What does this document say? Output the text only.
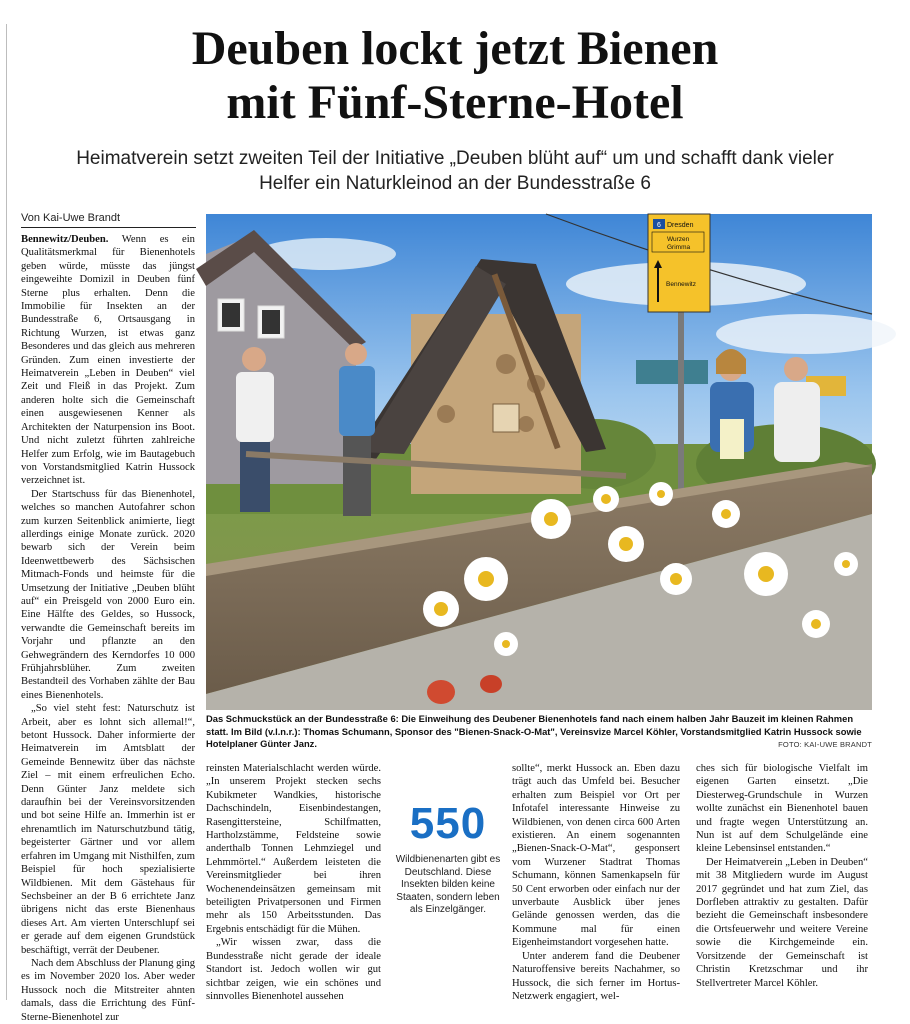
Deuben lockt jetzt Bienen
mit Fünf-Sterne-Hotel
Heimatverein setzt zweiten Teil der Initiative „Deuben blüht auf“ um und schafft dank vieler
Helfer ein Naturkleinod an der Bundesstraße 6
Von Kai-Uwe Brandt

Bennewitz/Deuben. Wenn es ein Qualitätsmerkmal für Bienenhotels geben würde, müsste das jüngst eingeweihte Domizil in Deuben fünf Sterne plus erhalten. Denn die Immobilie für Insekten an der Bundesstraße 6, Ortsausgang in Richtung Wurzen, ist etwas ganz Besonderes und das gleich aus mehreren Gründen. Zum einen investierte der Heimatverein „Leben in Deuben“ viel Zeit und Fleiß in das Projekt. Zum anderen holte sich die Gemeinschaft einen ausgewiesenen Kenner als Architekten der Naturpension ins Boot. Und nicht zuletzt führten zahlreiche Helfer zum Erfolg, wie im Bautagebuch von Vorstandsmitglied Katrin Hussock verzeichnet ist.

Der Startschuss für das Bienenhotel, welches so manchen Autofahrer schon zum kurzen Seitenblick animierte, liegt allerdings einige Monate zurück. 2020 bewarb sich der Verein beim Ideenwettbewerb des Sächsischen Mitmach-Fonds und heimste für die Umsetzung der Initiative „Deuben blüht auf“ ein Preisgeld von 2000 Euro ein. Eine Hälfte des Geldes, so Hussock, verwandte die Gemeinschaft bereits im Vorjahr und pflanzte an den Gehwegrändern des Kerndorfes 10 000 Frühjahrsblüher. Zum zweiten Bestandteil des Vorhaben zählte der Bau eines Bienenhotels.

„So viel steht fest: Naturschutz ist Arbeit, aber es lohnt sich allemal!“, betont Hussock. Daher informierte der Heimatverein im Amtsblatt der Gemeinde Bennewitz über das nächste Ziel – mit einem erfreulichen Echo. Denn Günter Janz meldete sich daraufhin bei der Vereinsvorsitzenden und bot seine Hilfe an. Immerhin ist er ehrenamtlich im Naturschutzbund tätig, begeisterter Gärtner und vor allem erfahren im Umgang mit Nisthilfen, zum Beispiel für hoch spezialisierte Wildbienen. Mit dem Gästehaus für Sechsbeiner an der B 6 errichtete Janz übrigens nicht das erste Bienenhaus dieses Art. Am vierten Unterschlupf sei er gerade auf dem eigenen Grundstück beschäftigt, verrät der Deubener.

Nach dem Abschluss der Planung ging es im November 2020 los. Aber weder Hussock noch die Mitstreiter ahnten damals, dass die Errichtung des Fünf-Sterne-Bienenhotel zur

6 Dresden
Wurzen
Grimma
Bennewitz
Das Schmuckstück an der Bundesstraße 6: Die Einweihung des Deubener Bienenhotels fand nach einem halben Jahr Bauzeit im kleinen Rahmen statt. Im Bild (v.l.n.r.): Thomas Schumann, Sponsor des "Bienen-Snack-O-Mat", Vereinsvize Marcel Köhler, Vorstandsmitglied Katrin Hussock sowie Hotelplaner Günter Janz.	FOTO: KAI-UWE BRANDT

reinsten Materialschlacht werden würde. „In unserem Projekt stecken sechs Kubikmeter Wandkies, historische Dachschindeln, Eisenbindestangen, Rasengittersteine, Schilfmatten, Hartholzstämme, Feldsteine sowie anderthalb Tonnen Lehmziegel und Lehmmörtel.“ Außerdem leisteten die Vereinsmitglieder bei ihren Wochenendeinsätzen gemeinsam mit beteiligten Privatpersonen und Firmen mehr als 150 Arbeitsstunden. Das Ergebnis entschädigt für die Mühen.

„Wir wissen zwar, dass die Bundesstraße nicht gerade der ideale Standort ist. Jedoch wollen wir gut sichtbar zeigen, wie ein schönes und sinnvolles Bienenhotel aussehen

550
Wildbienenarten gibt es Deutschland. Diese Insekten bilden keine Staaten, sondern leben als Einzelgänger.

sollte“, merkt Hussock an. Eben dazu trägt auch das Umfeld bei. Besucher erhalten zum Beispiel vor Ort per Infotafel interessante Hinweise zu Wildbienen, von denen circa 600 Arten existieren. An einem sogenannten „Bienen-Snack-O-Mat“, gesponsert vom Wurzener Stadtrat Thomas Schumann, können Samenkapseln für 50 Cent erworben oder einfach nur der unverbaute Ausblick über jenes Gelände genossen werden, das die Kommune mal für einen Eigenheimstandort vorgesehen hatte.

Unter anderem fand die Deubener Naturoffensive bereits Nachahmer, so Hussock, die sich ferner im Hortus-Netzwerk engagiert, wel-

ches sich für biologische Vielfalt im eigenen Garten einsetzt. „Die Diesterweg-Grundschule in Wurzen wollte zunächst ein Bienenhotel bauen und fragte wegen Unterstützung an. Nun ist auf dem Schulgelände eine kleine Lebensinsel entstanden.“

Der Heimatverein „Leben in Deuben“ mit 38 Mitgliedern wurde im August 2017 gegründet und hat zum Ziel, das Dorfleben attraktiv zu gestalten. Dafür bezieht die Gemeinschaft insbesondere die Ortsfeuerwehr und weitere Vereine sowie die Kirchgemeinde ein. Vorsitzende der Gemeinschaft ist Christin Kretzschmar und ihr Stellvertreter Marcel Köhler.
